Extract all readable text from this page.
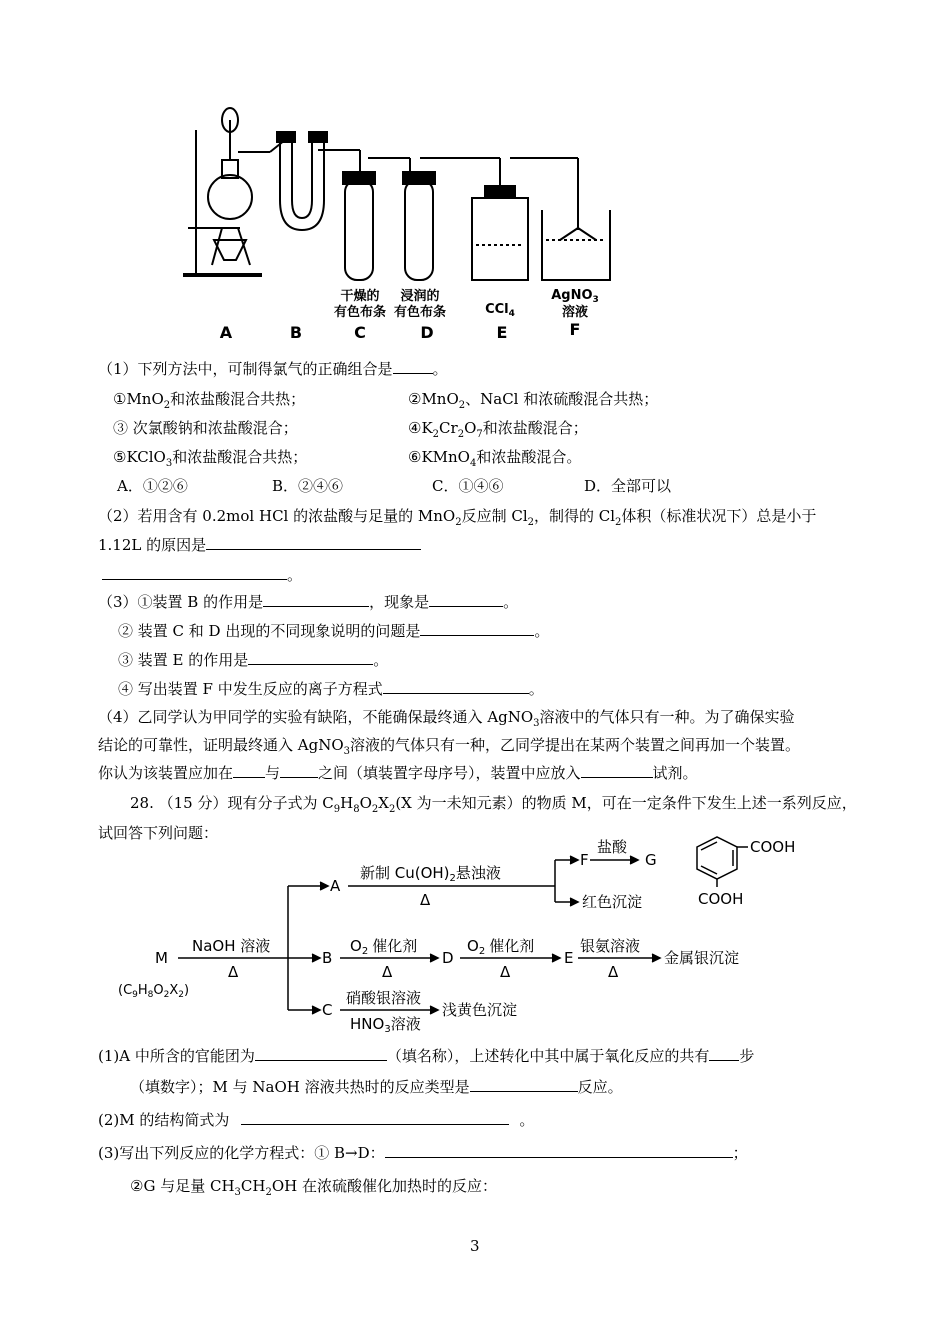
干燥的
有色布条
浸润的
有色布条	CCl$_4$
AgNO$_3$
溶液
A	B	C	D	E	F
（1）下列方法中，可制得氯气的正确组合是	。
①MnO$_2$和浓盐酸混合共热；	②MnO$_2$、NaCl 和浓硫酸混合共热；
③ 次氯酸钠和浓盐酸混合；	$④K_2Cr_2O_7$和浓盐酸混合；
⑤KClO$_3$和浓盐酸混合共热；	⑥KMnO$_4$和浓盐酸混合。
A．①②⑥	B．②④⑥	C．①④⑥	D．全部可以
（2）若用含有 0.2mol HCl 的浓盐酸与足量的 MnO$_2$反应制 $Cl_2$，制得的 $Cl_2$体积（标准状况下）总是小于
1.12L 的原因是
。
（3）①装置 B 的作用是	，现象是	。
② 装置 C 和 D 出现的不同现象说明的问题是	。
③ 装置 E 的作用是	。
④ 写出装置 F 中发生反应的离子方程式	。
（4）乙同学认为甲同学的实验有缺陷，不能确保最终通入 AgNO$_3$溶液中的气体只有一种。为了确保实验
结论的可靠性，证明最终通入 AgNO$_3$溶液的气体只有一种，乙同学提出在某两个装置之间再加一个装置。
你认为该装置应加在 与	之间（填装置字母序号），装置中应放入	试剂。
28. （15 分）现有分子式为 $C_9H_8O_2X_2(X$ 为一未知元素）的物质 M，可在一定条件下发生上述一系列反应，
试回答下列问题：
M
$(C_9H_8O_2X_2)$
NaOH 溶液
Δ
A
新制 $Cu(OH)_2$悬浊液
Δ
F
盐酸
G
红色沉淀
COOH
COOH
B
$O_2$ 催化剂
Δ
D
$O_2$ 催化剂
Δ
E
银氨溶液
Δ
金属银沉淀
C
硝酸银溶液
$HNO_3$溶液
浅黄色沉淀
(1)A 中所含的官能团为	（填名称），上述转化中其中属于氧化反应的共有 步
（填数字）；M 与 NaOH 溶液共热时的反应类型是	反应。
(2)M 的结构简式为	。
(3)写出下列反应的化学方程式：① B→D：	；
②G 与足量 $CH_3CH_2OH$ 在浓硫酸催化加热时的反应：
3
